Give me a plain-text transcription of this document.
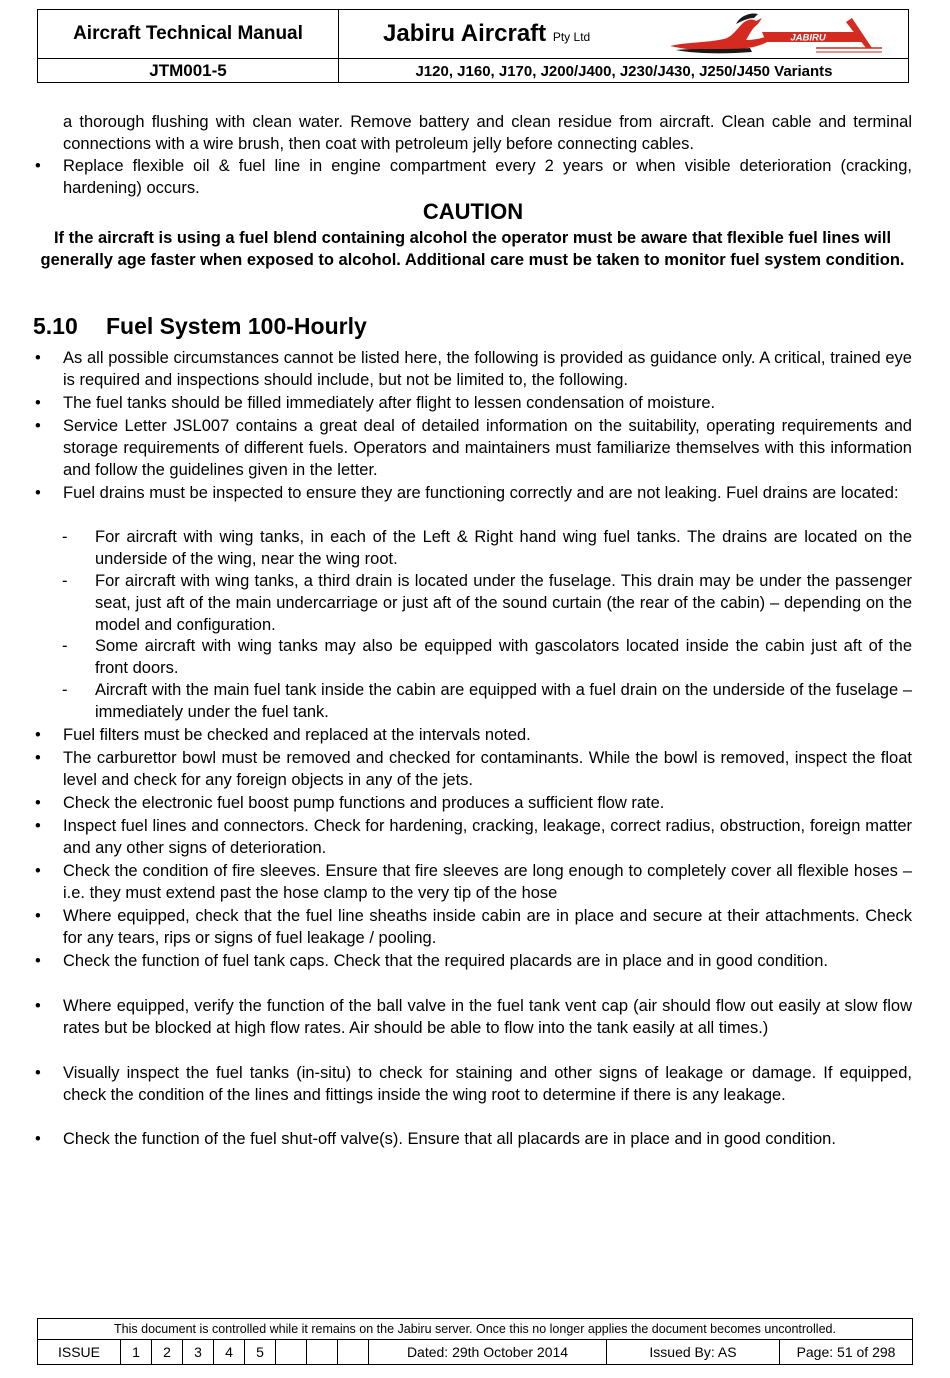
Aircraft Technical Manual	Jabiru Aircraft Pty Ltd	JABIRU
JTM001-5	J120, J160, J170, J200/J400, J230/J430, J250/J450 Variants
a thorough flushing with clean water. Remove battery and clean residue from aircraft. Clean cable and terminal connections with a wire brush, then coat with petroleum jelly before connecting cables.
• Replace flexible oil & fuel line in engine compartment every 2 years or when visible deterioration (cracking, hardening) occurs.
CAUTION
If the aircraft is using a fuel blend containing alcohol the operator must be aware that flexible fuel lines will generally age faster when exposed to alcohol. Additional care must be taken to monitor fuel system condition.
5.10 Fuel System 100-Hourly
• As all possible circumstances cannot be listed here, the following is provided as guidance only. A critical, trained eye is required and inspections should include, but not be limited to, the following.
• The fuel tanks should be filled immediately after flight to lessen condensation of moisture.
• Service Letter JSL007 contains a great deal of detailed information on the suitability, operating requirements and storage requirements of different fuels. Operators and maintainers must familiarize themselves with this information and follow the guidelines given in the letter.
• Fuel drains must be inspected to ensure they are functioning correctly and are not leaking. Fuel drains are located:
- For aircraft with wing tanks, in each of the Left & Right hand wing fuel tanks. The drains are located on the underside of the wing, near the wing root.
- For aircraft with wing tanks, a third drain is located under the fuselage. This drain may be under the passenger seat, just aft of the main undercarriage or just aft of the sound curtain (the rear of the cabin) – depending on the model and configuration.
- Some aircraft with wing tanks may also be equipped with gascolators located inside the cabin just aft of the front doors.
- Aircraft with the main fuel tank inside the cabin are equipped with a fuel drain on the underside of the fuselage – immediately under the fuel tank.
• Fuel filters must be checked and replaced at the intervals noted.
• The carburettor bowl must be removed and checked for contaminants. While the bowl is removed, inspect the float level and check for any foreign objects in any of the jets.
• Check the electronic fuel boost pump functions and produces a sufficient flow rate.
• Inspect fuel lines and connectors. Check for hardening, cracking, leakage, correct radius, obstruction, foreign matter and any other signs of deterioration.
• Check the condition of fire sleeves. Ensure that fire sleeves are long enough to completely cover all flexible hoses – i.e. they must extend past the hose clamp to the very tip of the hose
• Where equipped, check that the fuel line sheaths inside cabin are in place and secure at their attachments. Check for any tears, rips or signs of fuel leakage / pooling.
• Check the function of fuel tank caps. Check that the required placards are in place and in good condition.
• Where equipped, verify the function of the ball valve in the fuel tank vent cap (air should flow out easily at slow flow rates but be blocked at high flow rates. Air should be able to flow into the tank easily at all times.)
• Visually inspect the fuel tanks (in-situ) to check for staining and other signs of leakage or damage. If equipped, check the condition of the lines and fittings inside the wing root to determine if there is any leakage.
• Check the function of the fuel shut-off valve(s). Ensure that all placards are in place and in good condition.
This document is controlled while it remains on the Jabiru server. Once this no longer applies the document becomes uncontrolled.
ISSUE	1	2	3	4	5	Dated: 29th October 2014	Issued By: AS	Page: 51 of 298
